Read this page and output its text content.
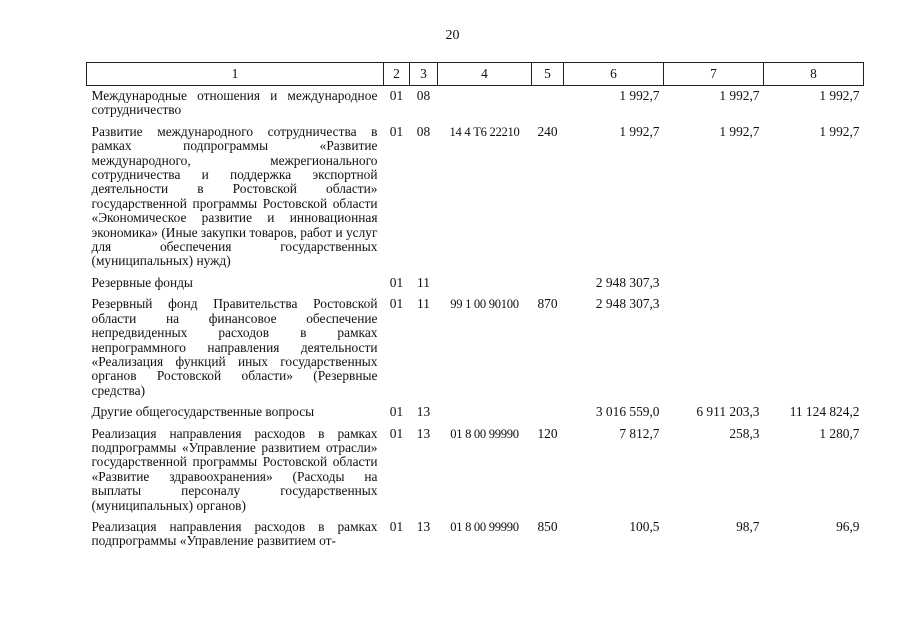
20
1	2	3	4	5	6	7	8
Международные отношения и международное сотрудничество	01	08			1 992,7	1 992,7	1 992,7
Развитие международного сотрудничества в рамках подпрограммы «Развитие международного, межрегионального сотрудничества и поддержка экспортной деятельности в Ростовской области» государственной программы Ростовской области «Экономическое развитие и инновационная экономика» (Иные закупки товаров, работ и услуг для обеспечения государственных (муниципальных) нужд)	01	08	14 4 Т6 22210	240	1 992,7	1 992,7	1 992,7
Резервные фонды	01	11			2 948 307,3		
Резервный фонд Правительства Ростовской области на финансовое обеспечение непредвиденных расходов в рамках непрограммного направления деятельности «Реализация функций иных государственных органов Ростовской области» (Резервные средства)	01	11	99 1 00 90100	870	2 948 307,3		
Другие общегосударственные вопросы	01	13			3 016 559,0	6 911 203,3	11 124 824,2
Реализация направления расходов в рамках подпрограммы «Управление развитием отрасли» государственной программы Ростовской области «Развитие здравоохранения» (Расходы на выплаты персоналу государственных (муниципальных) органов)	01	13	01 8 00 99990	120	7 812,7	258,3	1 280,7
Реализация направления расходов в рамках подпрограммы «Управление развитием от-	01	13	01 8 00 99990	850	100,5	98,7	96,9
